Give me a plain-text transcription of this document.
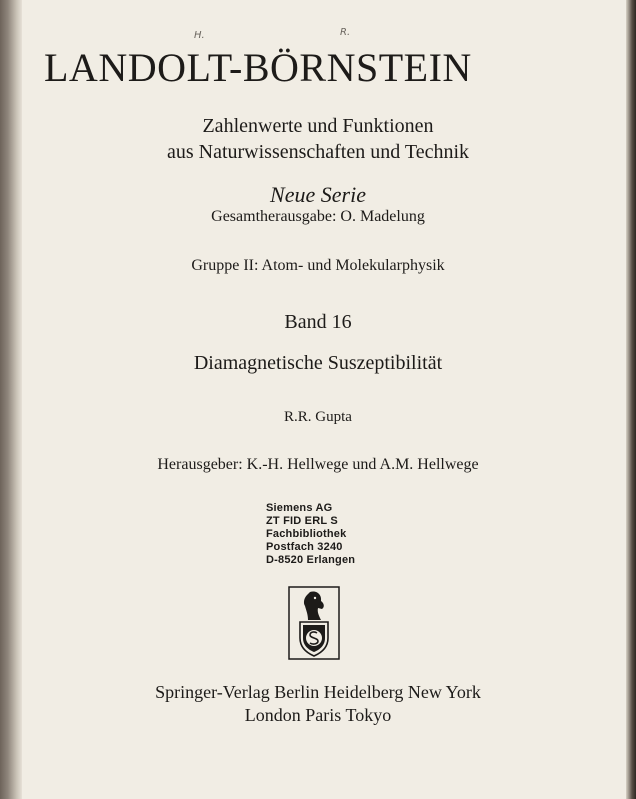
H.	R.
LANDOLT-BÖRNSTEIN
Zahlenwerte und Funktionen
aus Naturwissenschaften und Technik
Neue Serie
Gesamtherausgabe: O. Madelung
Gruppe II: Atom- und Molekularphysik
Band 16
Diamagnetische Suszeptibilität
R.R. Gupta
Herausgeber: K.-H. Hellwege und A.M. Hellwege
Siemens AG
ZT FID ERL S
Fachbibliothek
Postfach 3240
D-8520 Erlangen
Springer-Verlag Berlin Heidelberg New York
London Paris Tokyo
